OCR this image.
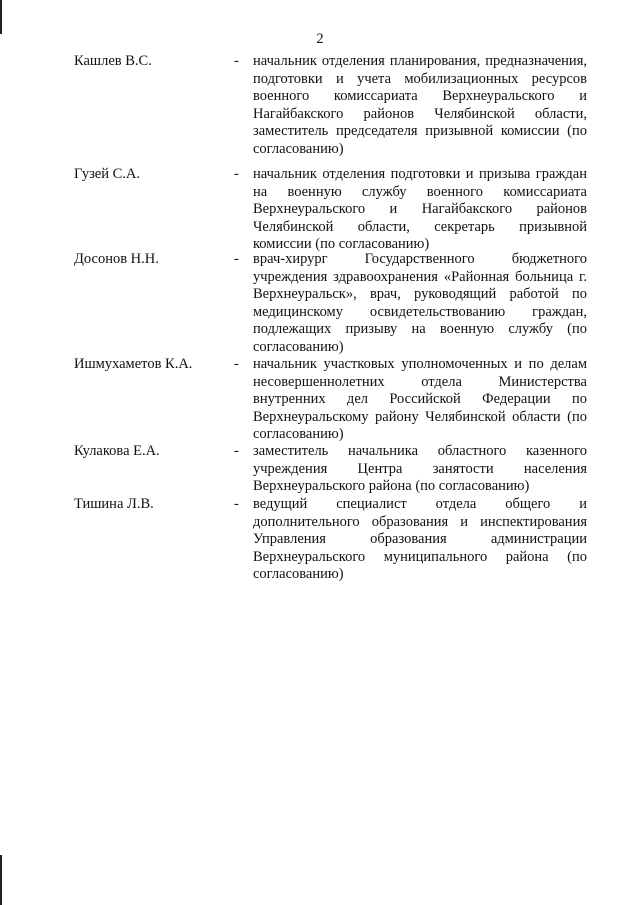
2
Кашлев В.С.	- начальник отделения планирования, предназначения, подготовки и учета мобилизационных ресурсов военного комиссариата Верхнеуральского и Нагайбакского районов Челябинской области, заместитель председателя призывной комиссии (по согласованию)
Гузей С.А.	- начальник отделения подготовки и призыва граждан на военную службу военного комиссариата Верхнеуральского и Нагайбакского районов Челябинской области, секретарь призывной комиссии (по согласованию)
Досонов Н.Н.	- врач-хирург Государственного бюджетного учреждения здравоохранения «Районная больница г. Верхнеуральск», врач, руководящий работой по медицинскому освидетельствованию граждан, подлежащих призыву на военную службу (по согласованию)
Ишмухаметов К.А.	- начальник участковых уполномоченных и по делам несовершеннолетних отдела Министерства внутренних дел Российской Федерации по Верхнеуральскому району Челябинской области (по согласованию)
Кулакова Е.А.	- заместитель начальника областного казенного учреждения Центра занятости населения Верхнеуральского района (по согласованию)
Тишина Л.В.	- ведущий специалист отдела общего и дополнительного образования и инспектирования Управления образования администрации Верхнеуральского муниципального района (по согласованию)
